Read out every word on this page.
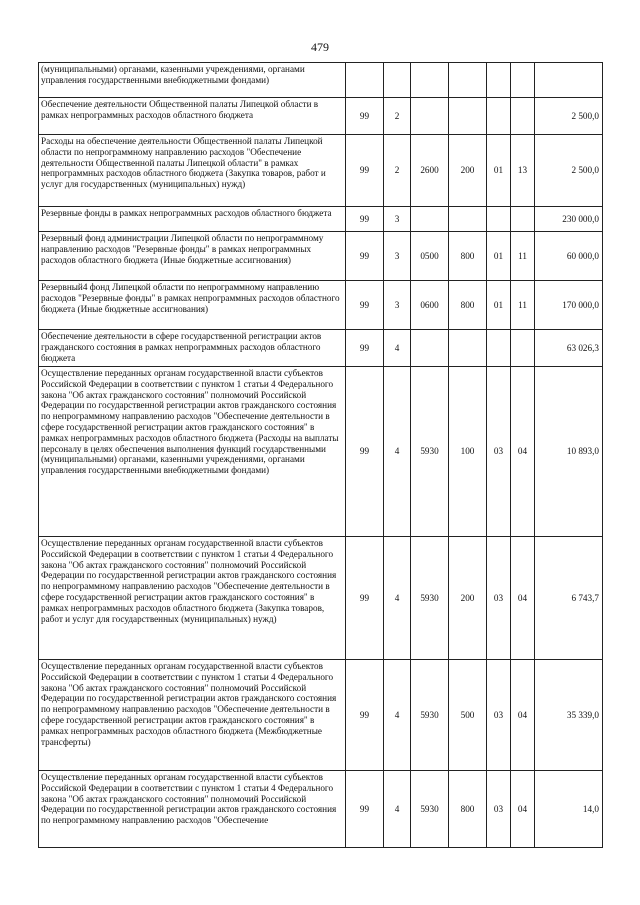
479
(муниципальными) органами, казенными учреждениями, органами управления государственными внебюджетными фондами)							
Обеспечение деятельности Общественной палаты Липецкой области в рамках непрограммных расходов областного бюджета	99	2					2 500,0
Расходы на обеспечение деятельности Общественной палаты Липецкой области по непрограммному направлению расходов "Обеспечение деятельности Общественной палаты Липецкой области" в рамках непрограммных расходов областного бюджета (Закупка товаров, работ и услуг для государственных (муниципальных) нужд)	99	2	2600	200	01	13	2 500,0
Резервные фонды в рамках непрограммных расходов областного бюджета	99	3					230 000,0
Резервный фонд администрации Липецкой области по непрограммному направлению расходов "Резервные фонды" в рамках непрограммных расходов областного бюджета (Иные бюджетные ассигнования)	99	3	0500	800	01	11	60 000,0
Резервный4 фонд Липецкой области по непрограммному направлению расходов "Резервные фонды" в рамках непрограммных расходов областного бюджета (Иные бюджетные ассигнования)	99	3	0600	800	01	11	170 000,0
Обеспечение деятельности в сфере государственной регистрации актов гражданского состояния в рамках непрограммных расходов областного бюджета	99	4					63 026,3
Осуществление переданных органам государственной власти субъектов Российской Федерации в соответствии с пунктом 1 статьи 4 Федерального закона "Об актах гражданского состояния" полномочий Российской Федерации по государственной регистрации актов гражданского состояния по непрограммному направлению расходов "Обеспечение деятельности в сфере государственной регистрации актов гражданского состояния" в рамках непрограммных расходов областного бюджета (Расходы на выплаты персоналу в целях обеспечения выполнения функций государственными (муниципальными) органами, казенными учреждениями, органами управления государственными внебюджетными фондами)	99	4	5930	100	03	04	10 893,0
Осуществление переданных органам государственной власти субъектов Российской Федерации в соответствии с пунктом 1 статьи 4 Федерального закона "Об актах гражданского состояния" полномочий Российской Федерации по государственной регистрации актов гражданского состояния по непрограммному направлению расходов "Обеспечение деятельности в сфере государственной регистрации актов гражданского состояния" в рамках непрограммных расходов областного бюджета (Закупка товаров, работ и услуг для государственных (муниципальных) нужд)	99	4	5930	200	03	04	6 743,7
Осуществление переданных органам государственной власти субъектов Российской Федерации в соответствии с пунктом 1 статьи 4 Федерального закона "Об актах гражданского состояния" полномочий Российской Федерации по государственной регистрации актов гражданского состояния по непрограммному направлению расходов "Обеспечение деятельности в сфере государственной регистрации актов гражданского состояния" в рамках непрограммных расходов областного бюджета (Межбюджетные трансферты)	99	4	5930	500	03	04	35 339,0
Осуществление переданных органам государственной власти субъектов Российской Федерации в соответствии с пунктом 1 статьи 4 Федерального закона "Об актах гражданского состояния" полномочий Российской Федерации по государственной регистрации актов гражданского состояния по непрограммному направлению расходов "Обеспечение	99	4	5930	800	03	04	14,0
